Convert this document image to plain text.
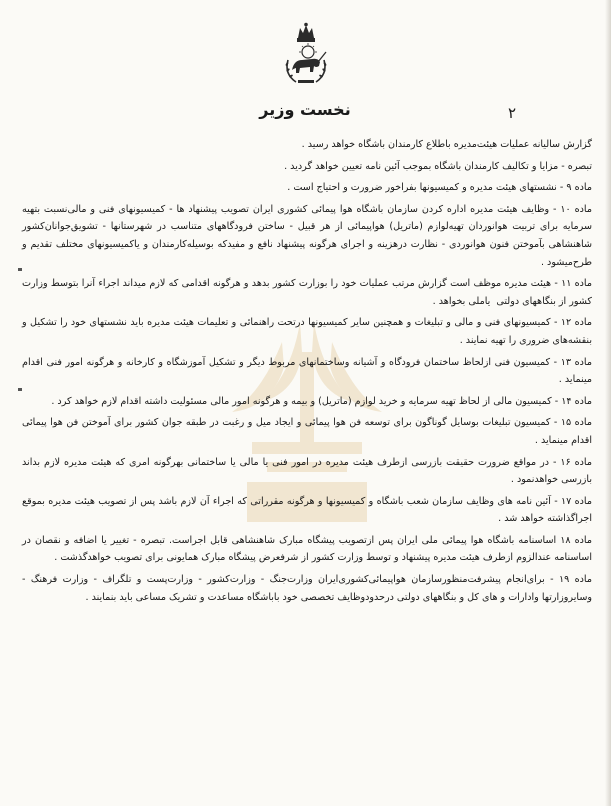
نخست وزیر	۲

گزارش سالیانه عملیات هیئت‌مدیره باطلاع کارمندان باشگاه خواهد رسید .

تبصره - مزایا و تکالیف کارمندان باشگاه بموجب آئین نامه تعیین خواهد گردید .

ماده ۹ - نشستهای هیئت مدیره و کمیسیونها بفراخور ضرورت و احتیاج است .

ماده ۱۰ - وظایف هیئت مدیره اداره کردن سازمان باشگاه هوا پیمائی کشوری ایران تصویب پیشنهاد ها - کمیسیونهای فنی و مالی‌نسبت بتهیه سرمایه برای تربیت هوانوردان تهیه‌لوازم (ماتریل) هواپیمائی از هر قبیل - ساختن فرودگاههای متناسب در شهرستانها - تشویق‌جوانان‌کشور شاهنشاهی بآموختن فنون هوانوردی - نظارت درهزینه و اجرای هرگونه پیشنهاد نافع و مفیدکه بوسیله‌کارمندان و یاکمیسیونهای مختلف تقدیم و طرح‌میشود .

ماده ۱۱ - هیئت مدیره موظف است گزارش مرتب عملیات خود را بوزارت کشور بدهد و هرگونه اقدامی که لازم میداند اجراء آنرا بتوسط وزارت کشور از بنگاههای دولتی ‌ یاملی بخواهد .

ماده ۱۲ - کمیسیونهای فنی و مالی و تبلیغات و همچنین سایر کمیسیونها درتحت راهنمائی و تعلیمات هیئت مدیره باید نشستهای خود را تشکیل و بنقشه‌های ضروری را تهیه نمایند .

ماده ۱۳ - کمیسیون فنی ازلحاظ ساختمان فرودگاه و آشیانه وساختمانهای مربوط دیگر و تشکیل آموزشگاه و کارخانه و هرگونه امور فنی اقدام مینماید .

ماده ۱۴ - کمیسیون مالی از لحاظ تهیه سرمایه و خرید لوازم (ماتریل) و بیمه و هرگونه امور مالی مسئولیت داشته اقدام لازم خواهد کرد .

ماده ۱۵ - کمیسیون تبلیغات بوسایل گوناگون برای توسعه فن هوا پیمائی و ایجاد میل و رغبت در طبقه جوان کشور برای آموختن فن هوا پیمائی اقدام مینماید .

ماده ۱۶ - در مواقع ضرورت حقیقت بازرسی ازطرف هیئت مدیره در امور فنی یا مالی یا ساختمانی بهرگونه امری که هیئت مدیره لازم بداند بازرسی خواهدنمود .

ماده ۱۷ - آئین نامه های وظایف سازمان شعب باشگاه و کمیسیونها و هرگونه مقرراتی که اجراء آن لازم باشد پس از تصویب هیئت مدیره بموقع اجراگذاشته خواهد شد .

ماده ۱۸ اساسنامه باشگاه هوا پیمائی ملی ایران پس ازتصویب پیشگاه مبارک شاهنشاهی قابل اجراست. تبصره - تغییر یا اضافه و نقصان در اساسنامه عندالزوم ازطرف هیئت مدیره پیشنهاد و توسط وزارت کشور از شرفعرض پیشگاه مبارک همایونی برای تصویب خواهدگذشت .

ماده ۱۹ - برای‌انجام پیشرفت‌منظورسازمان هواپیمائی‌کشوری‌ایران وزارت‌جنگ - وزارت‌کشور - وزارت‌پست و تلگراف - وزارت فرهنگ - وسایروزارتها وادارات و هاى کل و بنگاههای دولتی درحدودوظایف تخصصی خود باباشگاه مساعدت و تشریک مساعی باید بنمایند .
